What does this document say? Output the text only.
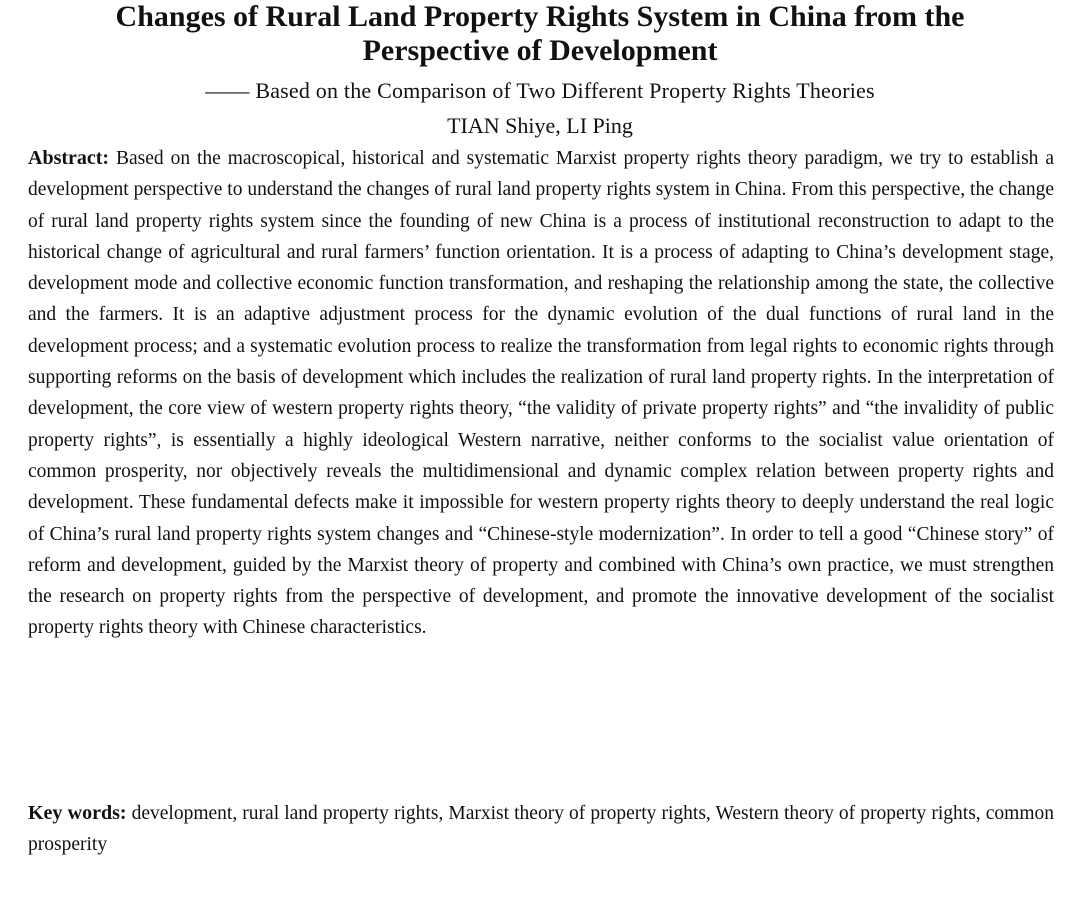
Changes of Rural Land Property Rights System in China from the
Perspective of Development

—— Based on the Comparison of Two Different Property Rights Theories

TIAN Shiye, LI Ping

Abstract: Based on the macroscopical, historical and systematic Marxist property rights theory paradigm, we try to establish a development perspective to understand the changes of rural land property rights system in China. From this perspective, the change of rural land property rights system since the founding of new China is a process of institutional reconstruction to adapt to the historical change of agricultural and rural farmers’ function orientation. It is a process of adapting to China’s development stage, development mode and collective economic function transformation, and reshaping the relationship among the state, the collective and the farmers. It is an adaptive adjustment process for the dynamic evolution of the dual functions of rural land in the development process; and a systematic evolution process to realize the transformation from legal rights to economic rights through supporting reforms on the basis of development which includes the realization of rural land property rights. In the interpretation of development, the core view of western property rights theory, “the validity of private property rights” and “the invalidity of public property rights”, is essentially a highly ideological Western narrative, neither conforms to the socialist value orientation of common prosperity, nor objectively reveals the multidimensional and dynamic complex relation between property rights and development. These fundamental defects make it impossible for western property rights theory to deeply understand the real logic of China’s rural land property rights system changes and “Chinese-style modernization”. In order to tell a good “Chinese story” of reform and development, guided by the Marxist theory of property and combined with China’s own practice, we must strengthen the research on property rights from the perspective of development, and promote the innovative development of the socialist property rights theory with Chinese characteristics.

Key words: development, rural land property rights, Marxist theory of property rights, Western theory of property rights, common prosperity
